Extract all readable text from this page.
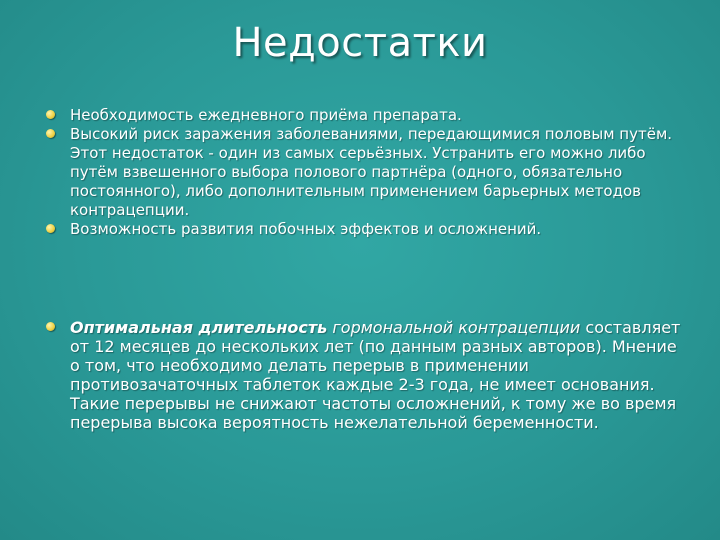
Недостатки
Необходимость ежедневного приёма препарата.
Высокий риск заражения заболеваниями, передающимися половым путём. Этот недостаток - один из самых серьёзных. Устранить его можно либо путём взвешенного выбора полового партнёра (одного, обязательно постоянного), либо дополнительным применением барьерных методов контрацепции.
Возможность развития побочных эффектов и осложнений.
Оптимальная длительность гормональной контрацепции составляет от 12 месяцев до нескольких лет (по данным разных авторов). Мнение о том, что необходимо делать перерыв в применении противозачаточных таблеток каждые 2-3 года, не имеет основания. Такие перерывы не снижают частоты осложнений, к тому же во время перерыва высока вероятность нежелательной беременности.
